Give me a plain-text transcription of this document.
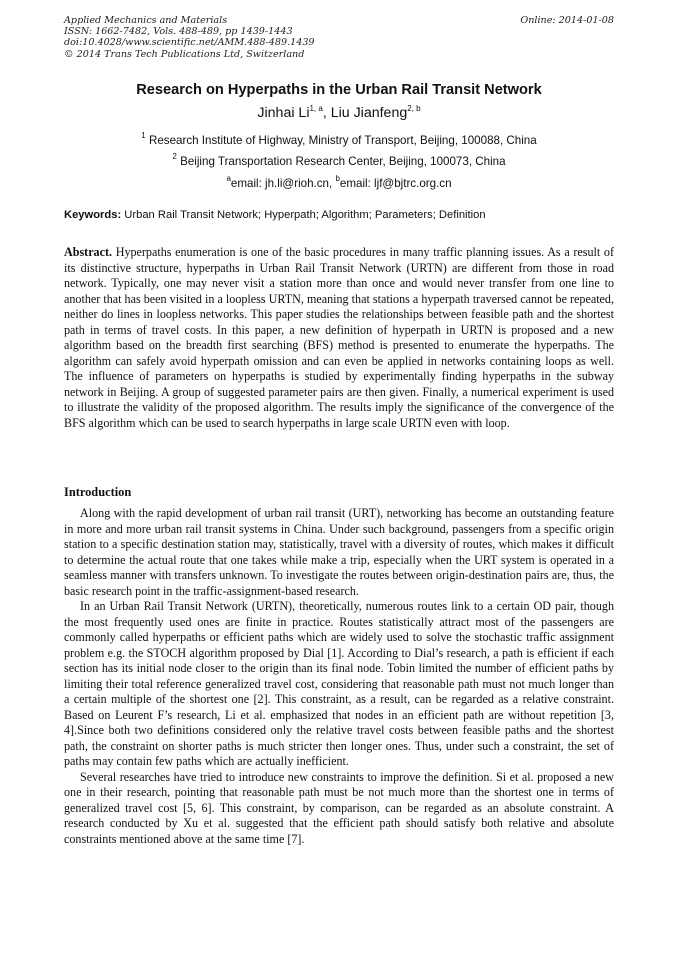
Applied Mechanics and Materials
ISSN: 1662-7482, Vols. 488-489, pp 1439-1443
doi:10.4028/www.scientific.net/AMM.488-489.1439
© 2014 Trans Tech Publications Ltd, Switzerland
Online: 2014-01-08
Research on Hyperpaths in the Urban Rail Transit Network
Jinhai Li$^{1, a}$, Liu Jianfeng$^{2, b}$
$^1$ Research Institute of Highway, Ministry of Transport, Beijing, 100088, China
$^2$ Beijing Transportation Research Center, Beijing, 100073, China
$^a$email: jh.li@rioh.cn, $^b$email: ljf@bjtrc.org.cn
Keywords: Urban Rail Transit Network; Hyperpath; Algorithm; Parameters; Definition
Abstract. Hyperpaths enumeration is one of the basic procedures in many traffic planning issues. As a result of its distinctive structure, hyperpaths in Urban Rail Transit Network (URTN) are different from those in road network. Typically, one may never visit a station more than once and would never transfer from one line to another that has been visited in a loopless URTN, meaning that stations a hyperpath traversed cannot be repeated, neither do lines in loopless networks. This paper studies the relationships between feasible path and the shortest path in terms of travel costs. In this paper, a new definition of hyperpath in URTN is proposed and a new algorithm based on the breadth first searching (BFS) method is presented to enumerate the hyperpaths. The algorithm can safely avoid hyperpath omission and can even be applied in networks containing loops as well. The influence of parameters on hyperpaths is studied by experimentally finding hyperpaths in the subway network in Beijing. A group of suggested parameter pairs are then given. Finally, a numerical experiment is used to illustrate the validity of the proposed algorithm. The results imply the significance of the convergence of the BFS algorithm which can be used to search hyperpaths in large scale URTN even with loop.
Introduction

Along with the rapid development of urban rail transit (URT), networking has become an outstanding feature in more and more urban rail transit systems in China. Under such background, passengers from a specific origin station to a specific destination station may, statistically, travel with a diversity of routes, which makes it difficult to determine the actual route that one takes while make a trip, especially when the URT system is operated in a seamless manner with transfers unknown. To investigate the routes between origin-destination pairs are, thus, the basic research point in the traffic-assignment-based research.

In an Urban Rail Transit Network (URTN), theoretically, numerous routes link to a certain OD pair, though the most frequently used ones are finite in practice. Routes statistically attract most of the passengers are commonly called hyperpaths or efficient paths which are widely used to solve the stochastic traffic assignment problem e.g. the STOCH algorithm proposed by Dial [1]. According to Dial’s research, a path is efficient if each section has its initial node closer to the origin than its final node. Tobin limited the number of efficient paths by limiting their total reference generalized travel cost, considering that reasonable path must not much longer than a certain multiple of the shortest one [2]. This constraint, as a result, can be regarded as a relative constraint. Based on Leurent F’s research, Li et al. emphasized that nodes in an efficient path are without repetition [3, 4].Since both two definitions considered only the relative travel costs between feasible paths and the shortest path, the constraint on shorter paths is much stricter then longer ones. Thus, under such a constraint, the set of paths may contain few paths which are actually inefficient.

Several researches have tried to introduce new constraints to improve the definition. Si et al. proposed a new one in their research, pointing that reasonable path must be not much more than the shortest one in terms of generalized travel cost [5, 6]. This constraint, by comparison, can be regarded as an absolute constraint. A research conducted by Xu et al. suggested that the efficient path should satisfy both relative and absolute constraints mentioned above at the same time [7].
